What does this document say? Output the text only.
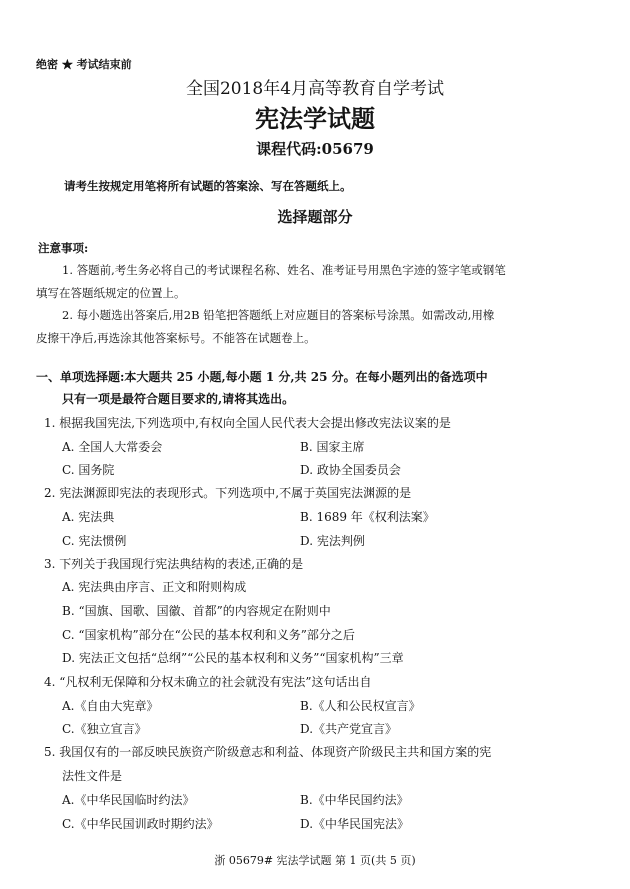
绝密 ★ 考试结束前
全国2018年4月高等教育自学考试
宪法学试题
课程代码:05679
请考生按规定用笔将所有试题的答案涂、写在答题纸上。
选择题部分
注意事项:
1. 答题前,考生务必将自己的考试课程名称、姓名、准考证号用黑色字迹的签字笔或钢笔
填写在答题纸规定的位置上。
2. 每小题选出答案后,用2B 铅笔把答题纸上对应题目的答案标号涂黑。如需改动,用橡
皮擦干净后,再选涂其他答案标号。不能答在试题卷上。
一、单项选择题:本大题共 25 小题,每小题 1 分,共 25 分。在每小题列出的备选项中
只有一项是最符合题目要求的,请将其选出。
1. 根据我国宪法,下列选项中,有权向全国人民代表大会提出修改宪法议案的是
A. 全国人大常委会	B. 国家主席
C. 国务院	D. 政协全国委员会
2. 宪法渊源即宪法的表现形式。下列选项中,不属于英国宪法渊源的是
A. 宪法典	B. 1689 年《权利法案》
C. 宪法惯例	D. 宪法判例
3. 下列关于我国现行宪法典结构的表述,正确的是
A. 宪法典由序言、正文和附则构成
B. “国旗、国歌、国徽、首都”的内容规定在附则中
C. “国家机构”部分在“公民的基本权利和义务”部分之后
D. 宪法正文包括“总纲”“公民的基本权利和义务”“国家机构”三章
4. “凡权利无保障和分权未确立的社会就没有宪法”这句话出自
A.《自由大宪章》	B.《人和公民权宣言》
C.《独立宣言》	D.《共产党宣言》
5. 我国仅有的一部反映民族资产阶级意志和利益、体现资产阶级民主共和国方案的宪
法性文件是
A.《中华民国临时约法》	B.《中华民国约法》
C.《中华民国训政时期约法》	D.《中华民国宪法》
浙 05679# 宪法学试题 第 1 页(共 5 页)
